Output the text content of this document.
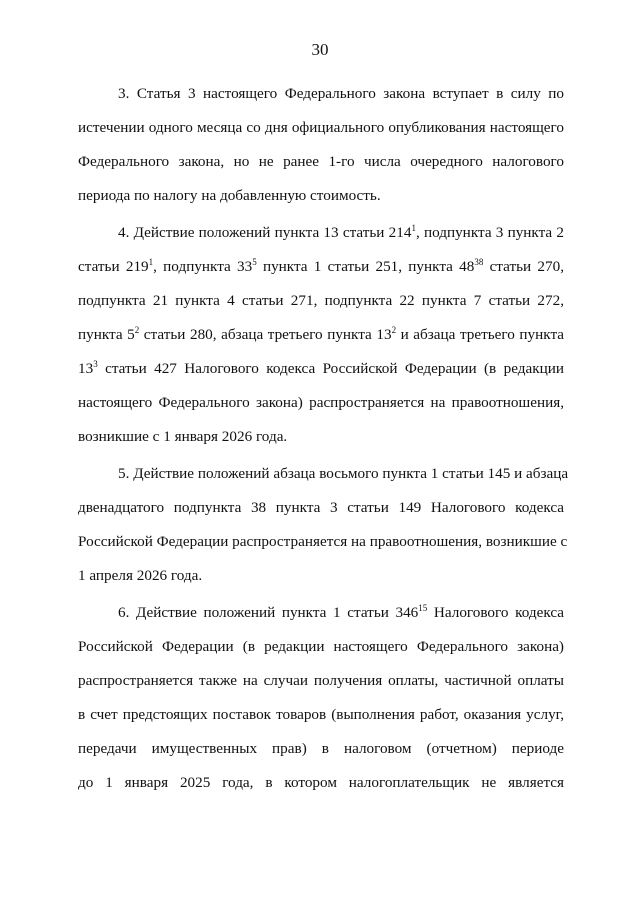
30
3. Статья 3 настоящего Федерального закона вступает в силу по
истечении одного месяца со дня официального опубликования настоящего
Федерального закона, но не ранее 1-го числа очередного налогового
периода по налогу на добавленную стоимость.
4. Действие положений пункта 13 статьи $214^1$, подпункта 3 пункта 2
статьи $219^1$, подпункта $33^5$ пункта 1 статьи 251, пункта $48^{38}$ статьи 270,
подпункта 21 пункта 4 статьи 271, подпункта 22 пункта 7 статьи 272,
пункта $5^2$ статьи 280, абзаца третьего пункта $13^2$ и абзаца третьего пункта
$13^3$ статьи 427 Налогового кодекса Российской Федерации (в редакции
настоящего Федерального закона) распространяется на правоотношения,
возникшие с 1 января 2026 года.
5. Действие положений абзаца восьмого пункта 1 статьи 145 и абзаца
двенадцатого подпункта 38 пункта 3 статьи 149 Налогового кодекса
Российской Федерации распространяется на правоотношения, возникшие с
1 апреля 2026 года.
6. Действие положений пункта 1 статьи $346^{15}$ Налогового кодекса
Российской Федерации (в редакции настоящего Федерального закона)
распространяется также на случаи получения оплаты, частичной оплаты
в счет предстоящих поставок товаров (выполнения работ, оказания услуг,
передачи имущественных прав) в налоговом (отчетном) периоде
до 1 января 2025 года, в котором налогоплательщик не является
